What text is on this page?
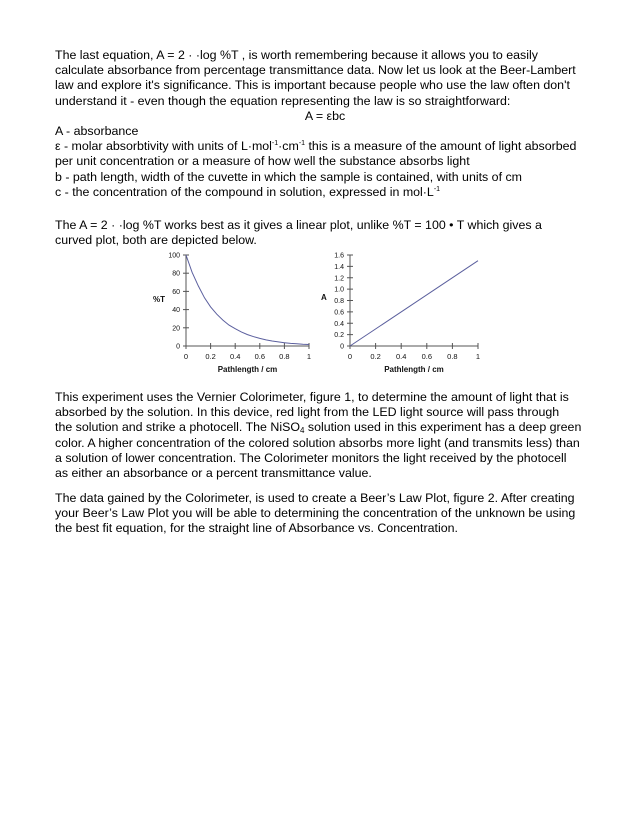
The last equation, A = 2 · ·log %T , is worth remembering because it allows you to easily
calculate absorbance from percentage transmittance data. Now let us look at the Beer-Lambert
law and explore it's significance. This is important because people who use the law often don't
understand it - even though the equation representing the law is so straightforward:
A = εbc
A - absorbance
ε - molar absorbtivity with units of $L\cdot mol^{-1}\cdot cm^{-1}$ this is a measure of the amount of light absorbed
per unit concentration or a measure of how well the substance absorbs light
b - path length, width of the cuvette in which the sample is contained, with units of cm
c - the concentration of the compound in solution, expressed in $mol\cdot L^{-1}$
The A = 2 · ·log %T works best as it gives a linear plot, unlike %T = 100 • T which gives a
curved plot, both are depicted below.
0 0.2 0.4 0.6 0.8 1
0
20
40
60
80
100
Pathlength / cm
%T
0 0.2 0.4 0.6 0.8 1
0
0.2
0.4
0.6
0.8
1.0
1.2
1.4
1.6
Pathlength / cm
A
This experiment uses the Vernier Colorimeter, figure 1, to determine the amount of light that is
absorbed by the solution. In this device, red light from the LED light source will pass through
the solution and strike a photocell. The NiSO$_4$ solution used in this experiment has a deep green
color. A higher concentration of the colored solution absorbs more light (and transmits less) than
a solution of lower concentration. The Colorimeter monitors the light received by the photocell
as either an absorbance or a percent transmittance value.
The data gained by the Colorimeter, is used to create a Beer’s Law Plot, figure 2. After creating
your Beer’s Law Plot you will be able to determining the concentration of the unknown be using
the best fit equation, for the straight line of Absorbance vs. Concentration.
